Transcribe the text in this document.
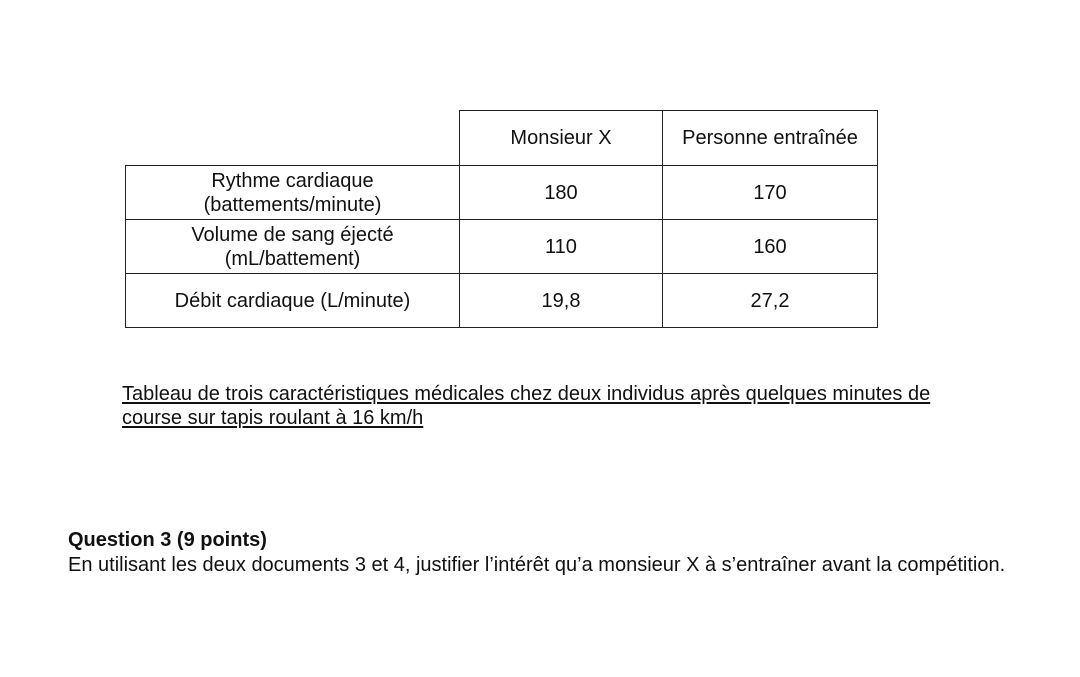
	Monsieur X	Personne entraînée
Rythme cardiaque (battements/minute)	180	170
Volume de sang éjecté (mL/battement)	110	160
Débit cardiaque (L/minute)	19,8	27,2
Tableau de trois caractéristiques médicales chez deux individus après quelques minutes de course sur tapis roulant à 16 km/h
Question 3 (9 points)
En utilisant les deux documents 3 et 4, justifier l’intérêt qu’a monsieur X à s’entraîner avant la compétition.
